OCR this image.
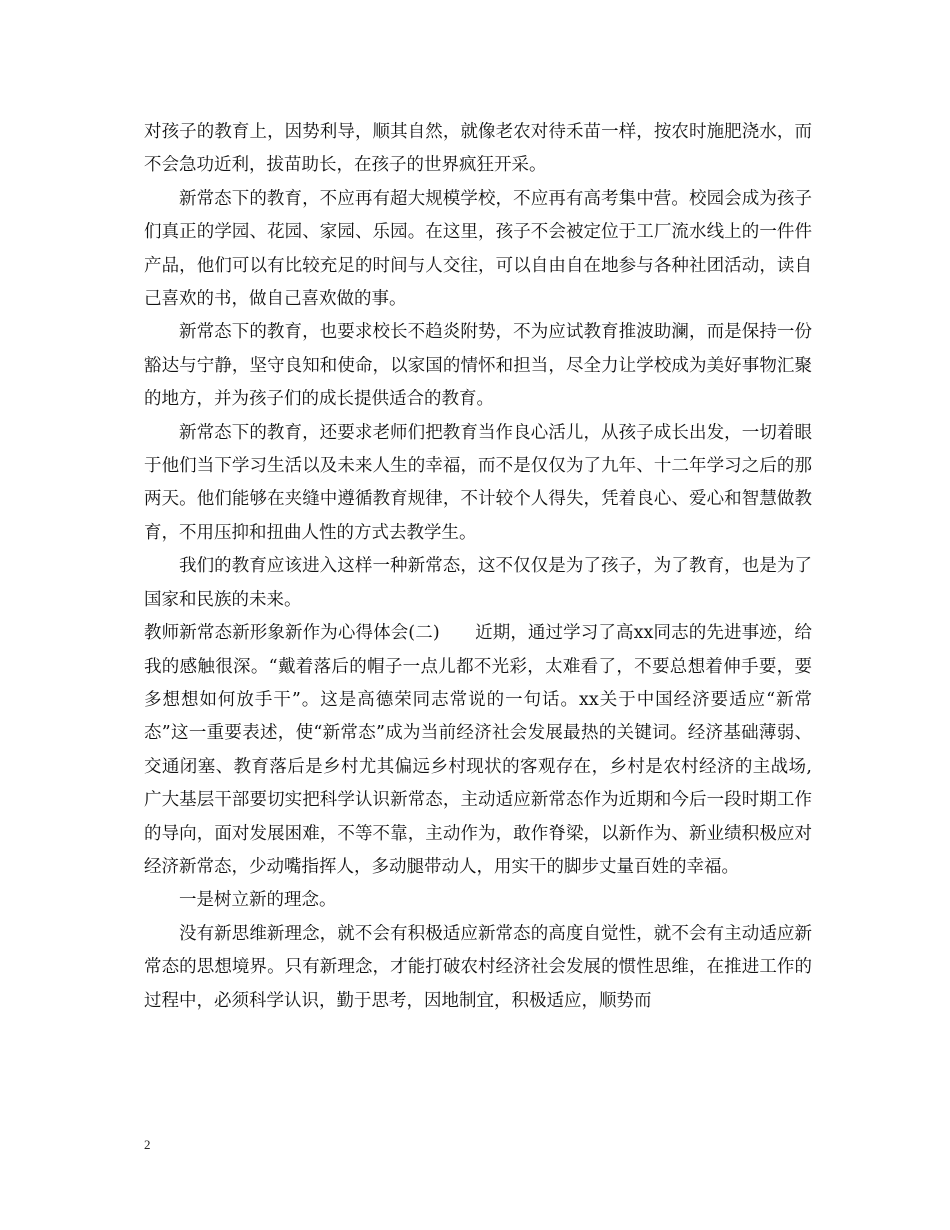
对孩子的教育上，因势利导，顺其自然，就像老农对待禾苗一样，按农时施肥浇水，而不会急功近利，拔苗助长，在孩子的世界疯狂开采。

新常态下的教育，不应再有超大规模学校，不应再有高考集中营。校园会成为孩子们真正的学园、花园、家园、乐园。在这里，孩子不会被定位于工厂流水线上的一件件产品，他们可以有比较充足的时间与人交往，可以自由自在地参与各种社团活动，读自己喜欢的书，做自己喜欢做的事。

新常态下的教育，也要求校长不趋炎附势，不为应试教育推波助澜，而是保持一份豁达与宁静，坚守良知和使命，以家国的情怀和担当，尽全力让学校成为美好事物汇聚的地方，并为孩子们的成长提供适合的教育。

新常态下的教育，还要求老师们把教育当作良心活儿，从孩子成长出发，一切着眼于他们当下学习生活以及未来人生的幸福，而不是仅仅为了九年、十二年学习之后的那两天。他们能够在夹缝中遵循教育规律，不计较个人得失，凭着良心、爱心和智慧做教育，不用压抑和扭曲人性的方式去教学生。

我们的教育应该进入这样一种新常态，这不仅仅是为了孩子，为了教育，也是为了国家和民族的未来。

教师新常态新形象新作为心得体会(二)　　近期，通过学习了高xx同志的先进事迹，给我的感触很深。“戴着落后的帽子一点儿都不光彩，太难看了，不要总想着伸手要，要多想想如何放手干”。这是高德荣同志常说的一句话。xx关于中国经济要适应“新常态”这一重要表述，使“新常态”成为当前经济社会发展最热的关键词。经济基础薄弱、交通闭塞、教育落后是乡村尤其偏远乡村现状的客观存在，乡村是农村经济的主战场,广大基层干部要切实把科学认识新常态，主动适应新常态作为近期和今后一段时期工作的导向，面对发展困难，不等不靠，主动作为，敢作脊梁，以新作为、新业绩积极应对经济新常态，少动嘴指挥人，多动腿带动人，用实干的脚步丈量百姓的幸福。

一是树立新的理念。

没有新思维新理念，就不会有积极适应新常态的高度自觉性，就不会有主动适应新常态的思想境界。只有新理念，才能打破农村经济社会发展的惯性思维，在推进工作的过程中，必须科学认识，勤于思考，因地制宜，积极适应，顺势而

2
